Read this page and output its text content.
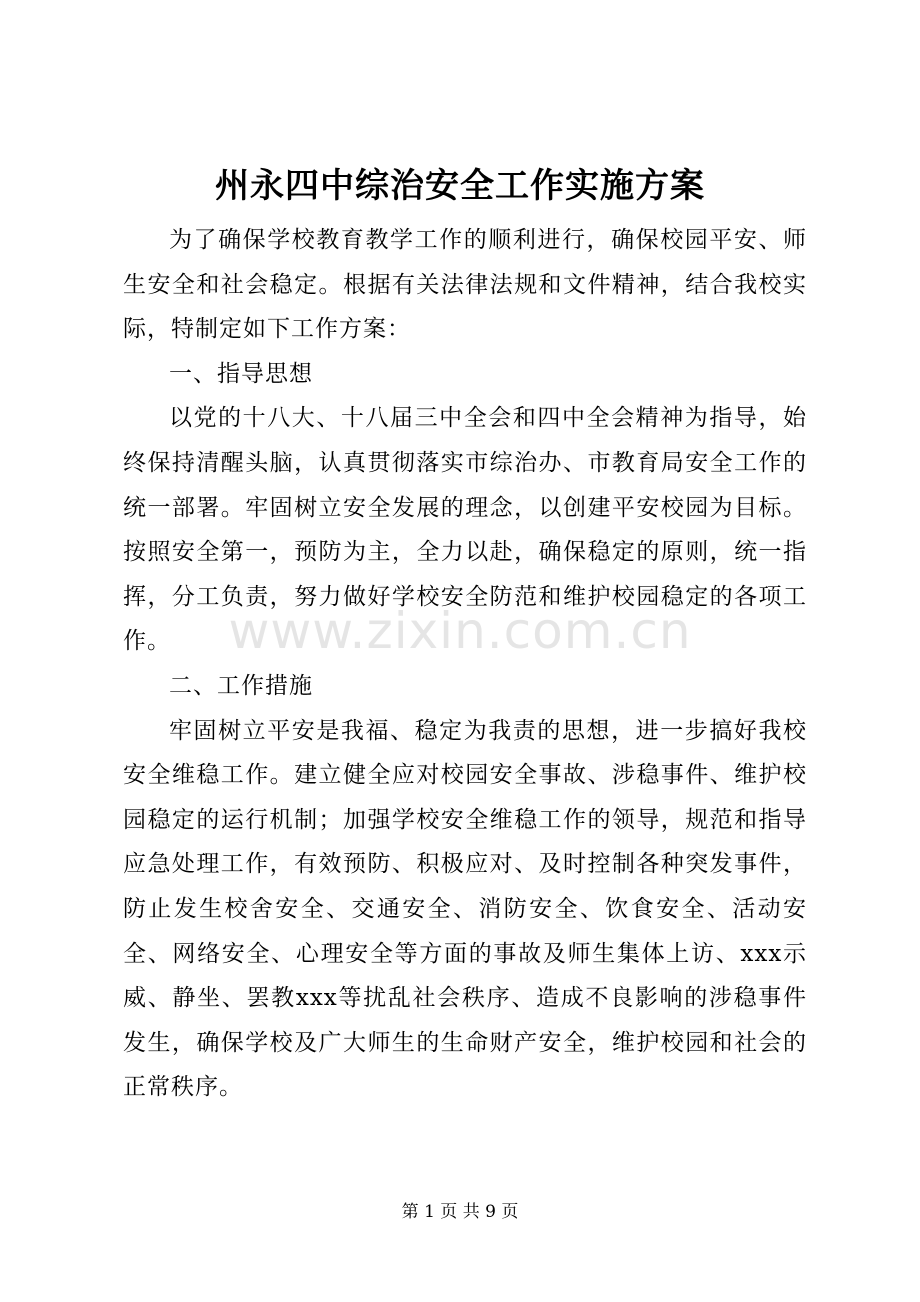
州永四中综治安全工作实施方案

为了确保学校教育教学工作的顺利进行，确保校园平安、师生安全和社会稳定。根据有关法律法规和文件精神，结合我校实际，特制定如下工作方案：

一、指导思想

以党的十八大、十八届三中全会和四中全会精神为指导，始终保持清醒头脑，认真贯彻落实市综治办、市教育局安全工作的统一部署。牢固树立安全发展的理念，以创建平安校园为目标。按照安全第一，预防为主，全力以赴，确保稳定的原则，统一指挥，分工负责，努力做好学校安全防范和维护校园稳定的各项工作。

二、工作措施

牢固树立平安是我福、稳定为我责的思想，进一步搞好我校安全维稳工作。建立健全应对校园安全事故、涉稳事件、维护校园稳定的运行机制；加强学校安全维稳工作的领导，规范和指导应急处理工作，有效预防、积极应对、及时控制各种突发事件，防止发生校舍安全、交通安全、消防安全、饮食安全、活动安全、网络安全、心理安全等方面的事故及师生集体上访、xxx示威、静坐、罢教xxx等扰乱社会秩序、造成不良影响的涉稳事件发生，确保学校及广大师生的生命财产安全，维护校园和社会的正常秩序。

www.zixin.com.cn
第 1 页 共 9 页
